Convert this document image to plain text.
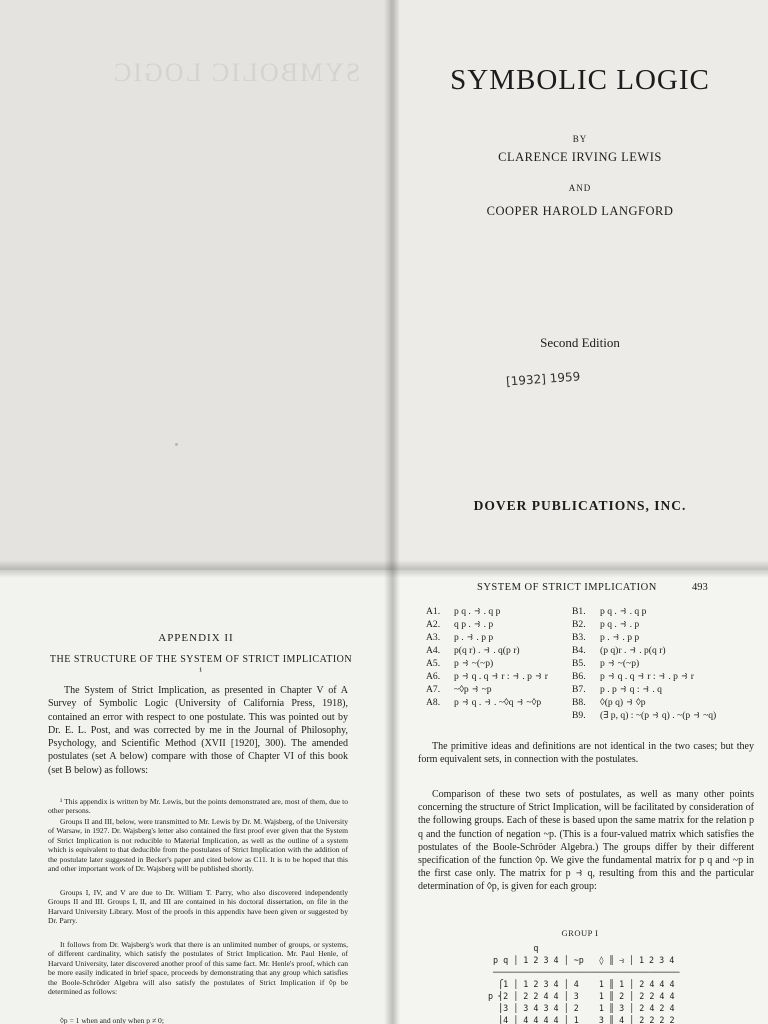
SYMBOLIC LOGIC	SYMBOLIC LOGIC
BY
CLARENCE IRVING LEWIS
AND
COOPER HAROLD LANGFORD
Second Edition
[1932] 1959
DOVER PUBLICATIONS, INC.
APPENDIX II
THE STRUCTURE OF THE SYSTEM OF STRICT IMPLICATION ¹
The System of Strict Implication, as presented in Chapter V of A Survey of Symbolic Logic (University of California Press, 1918), contained an error with respect to one postulate. This was pointed out by Dr. E. L. Post, and was corrected by me in the Journal of Philosophy, Psychology, and Scientific Method (XVII [1920], 300). The amended postulates (set A below) compare with those of Chapter VI of this book (set B below) as follows:
¹ This appendix is written by Mr. Lewis, but the points demonstrated are, most of them, due to other persons.
Groups II and III, below, were transmitted to Mr. Lewis by Dr. M. Wajsberg, of the University of Warsaw, in 1927. Dr. Wajsberg's letter also contained the first proof ever given that the System of Strict Implication is not reducible to Material Implication, as well as the outline of a system which is equivalent to that deducible from the postulates of Strict Implication with the addition of the postulate later suggested in Becker's paper and cited below as C11. It is to be hoped that this and other important work of Dr. Wajsberg will be published shortly.
Groups I, IV, and V are due to Dr. William T. Parry, who also discovered independently Groups II and III. Groups I, II, and III are contained in his doctoral dissertation, on file in the Harvard University Library. Most of the proofs in this appendix have been given or suggested by Dr. Parry.
It follows from Dr. Wajsberg's work that there is an unlimited number of groups, or systems, of different cardinality, which satisfy the postulates of Strict Implication. Mr. Paul Henle, of Harvard University, later discovered another proof of this same fact. Mr. Henle's proof, which can be more easily indicated in brief space, proceeds by demonstrating that any group which satisfies the Boole-Schröder Algebra will also satisfy the postulates of Strict Implication if ◊p be determined as follows:
◊p = 1 when and only when p ≠ 0;
SYSTEM OF STRICT IMPLICATION	493
A1. p q . ⥽ . q p
A2. q p . ⥽ . p
A3. p . ⥽ . p p
A4. p(q r) . ⥽ . q(p r)
A5. p ⥽ ~(~p)
A6. p ⥽ q . q ⥽ r : ⥽ . p ⥽ r
A7. ~◊p ⥽ ~p
A8. p ⥽ q . ⥽ . ~◊q ⥽ ~◊p
B1. p q . ⥽ . q p
B2. p q . ⥽ . p
B3. p . ⥽ . p p
B4. (p q)r . ⥽ . p(q r)
B5. p ⥽ ~(~p)
B6. p ⥽ q . q ⥽ r : ⥽ . p ⥽ r
B7. p . p ⥽ q : ⥽ . q
B8. ◊(p q) ⥽ ◊p
B9. (∃ p, q) : ~(p ⥽ q) . ~(p ⥽ ~q)
The primitive ideas and definitions are not identical in the two cases; but they form equivalent sets, in connection with the postulates.
Comparison of these two sets of postulates, as well as many other points concerning the structure of Strict Implication, will be facilitated by consideration of the following groups. Each of these is based upon the same matrix for the relation p q and the function of negation ~p. (This is a four-valued matrix which satisfies the postulates of the Boole-Schröder Algebra.) The groups differ by their different specification of the function ◊p. We give the fundamental matrix for p q and ~p in the first case only. The matrix for p ⥽ q, resulting from this and the particular determination of ◊p, is given for each group:
GROUP I
q
p q │ 1 2 3 4 │ ~p   ◊ ║ ⥽ │ 1 2 3 4
─────────────────────────────────────
⎧1 │ 1 2 3 4 │ 4    1 ║ 1 │ 2 4 4 4
p ⎨2 │ 2 2 4 4 │ 3    1 ║ 2 │ 2 2 4 4
⎪3 │ 3 4 3 4 │ 2    1 ║ 3 │ 2 4 2 4
⎩4 │ 4 4 4 4 │ 1    3 ║ 4 │ 2 2 2 2
